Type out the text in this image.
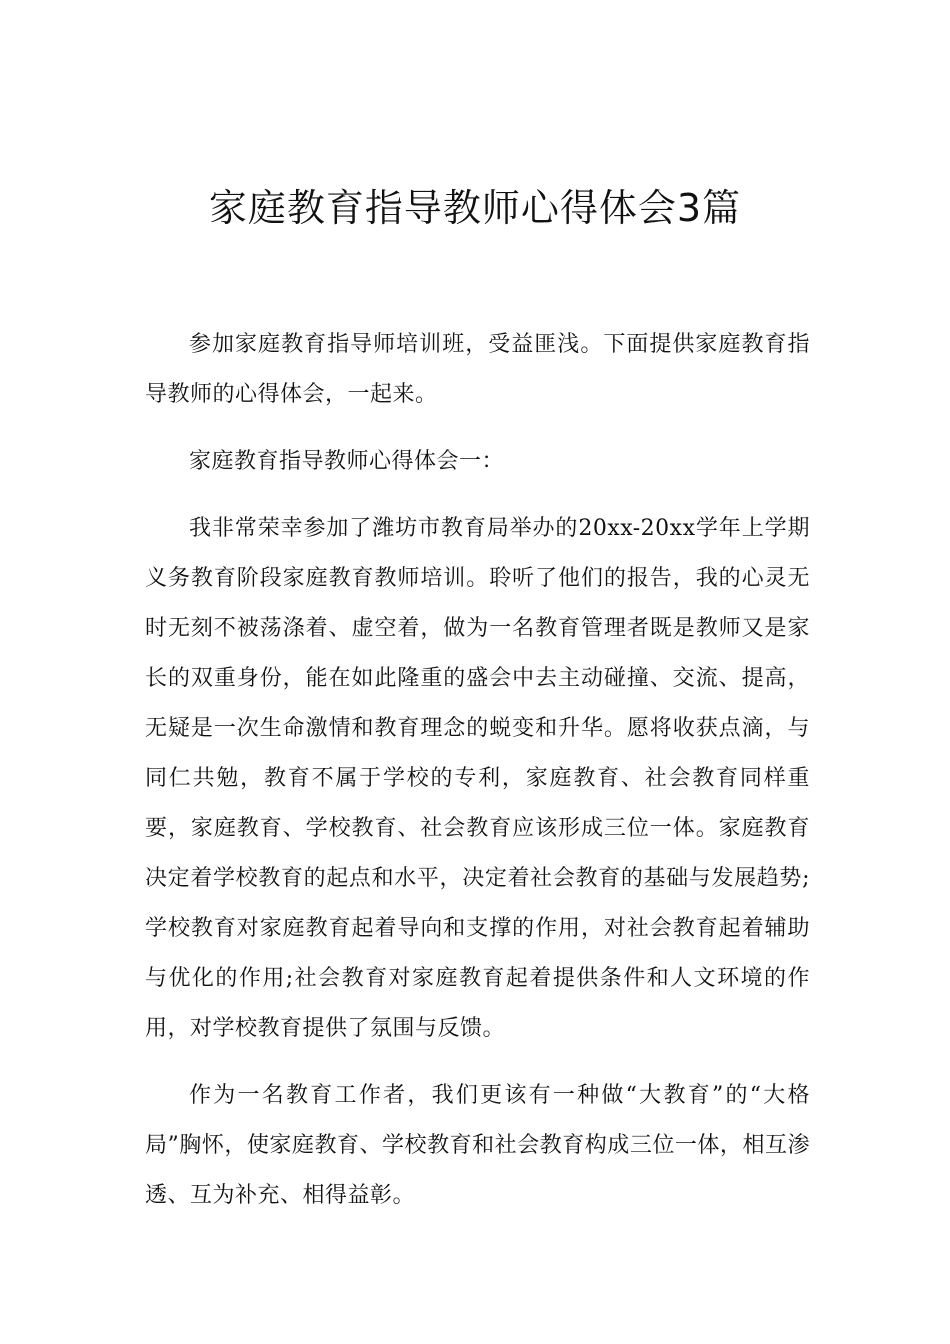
家庭教育指导教师心得体会3篇

参加家庭教育指导师培训班，受益匪浅。下面提供家庭教育指导教师的心得体会，一起来。

家庭教育指导教师心得体会一：

我非常荣幸参加了潍坊市教育局举办的20xx-20xx学年上学期义务教育阶段家庭教育教师培训。聆听了他们的报告，我的心灵无时无刻不被荡涤着、虚空着，做为一名教育管理者既是教师又是家长的双重身份，能在如此隆重的盛会中去主动碰撞、交流、提高，无疑是一次生命激情和教育理念的蜕变和升华。愿将收获点滴，与同仁共勉，教育不属于学校的专利，家庭教育、社会教育同样重要，家庭教育、学校教育、社会教育应该形成三位一体。家庭教育决定着学校教育的起点和水平，决定着社会教育的基础与发展趋势;学校教育对家庭教育起着导向和支撑的作用，对社会教育起着辅助与优化的作用;社会教育对家庭教育起着提供条件和人文环境的作用，对学校教育提供了氛围与反馈。

作为一名教育工作者，我们更该有一种做“大教育”的“大格局”胸怀，使家庭教育、学校教育和社会教育构成三位一体，相互渗透、互为补充、相得益彰。
